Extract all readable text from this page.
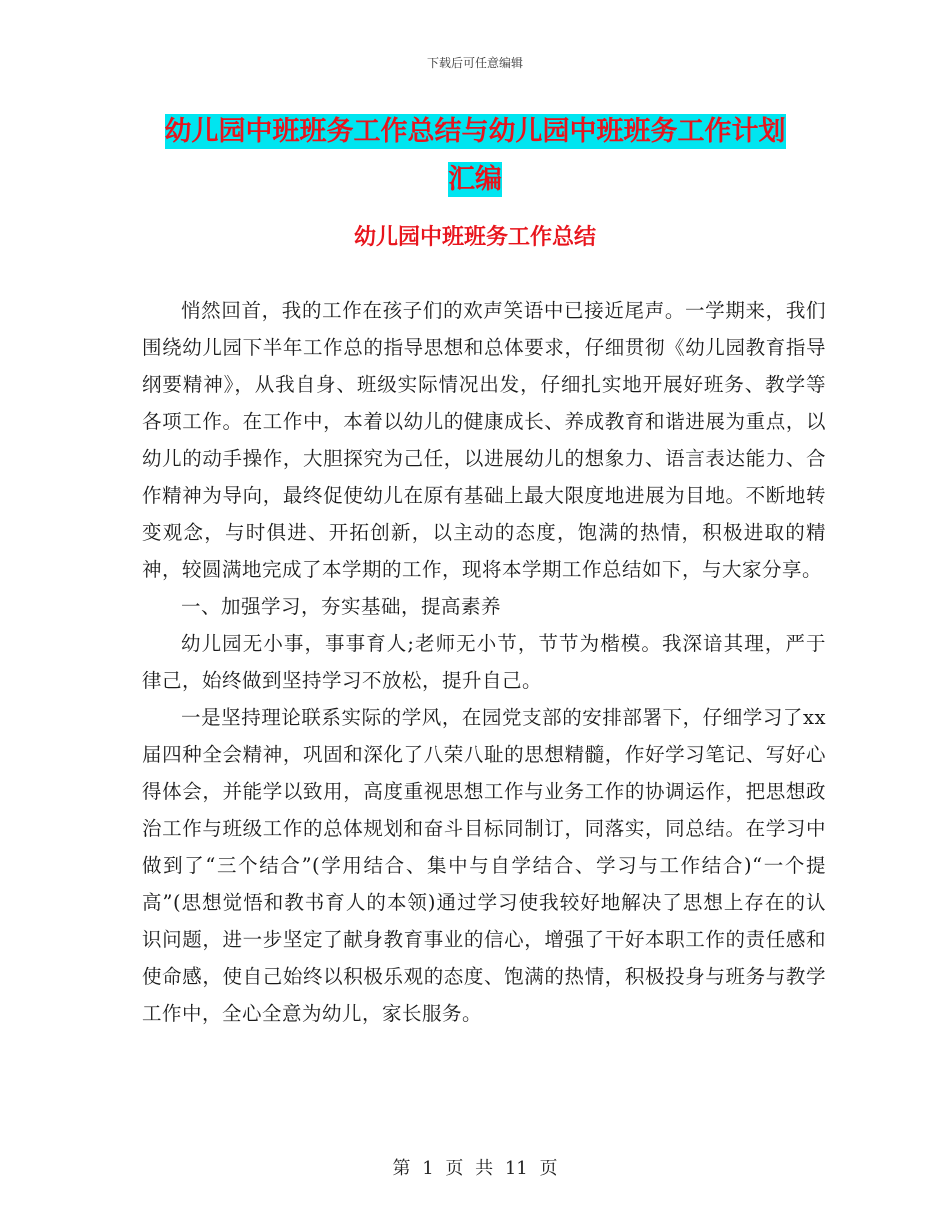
下载后可任意编辑
幼儿园中班班务工作总结与幼儿园中班班务工作计划
汇编
幼儿园中班班务工作总结

悄然回首，我的工作在孩子们的欢声笑语中已接近尾声。一学期来，我们围绕幼儿园下半年工作总的指导思想和总体要求，仔细贯彻《幼儿园教育指导纲要精神》，从我自身、班级实际情况出发，仔细扎实地开展好班务、教学等各项工作。在工作中，本着以幼儿的健康成长、养成教育和谐进展为重点，以幼儿的动手操作，大胆探究为己任，以进展幼儿的想象力、语言表达能力、合作精神为导向，最终促使幼儿在原有基础上最大限度地进展为目地。不断地转变观念，与时俱进、开拓创新，以主动的态度，饱满的热情，积极进取的精神，较圆满地完成了本学期的工作，现将本学期工作总结如下，与大家分享。

一、加强学习，夯实基础，提高素养

幼儿园无小事，事事育人;老师无小节，节节为楷模。我深谙其理，严于律己，始终做到坚持学习不放松，提升自己。

一是坚持理论联系实际的学风，在园党支部的安排部署下，仔细学习了xx届四种全会精神，巩固和深化了八荣八耻的思想精髓，作好学习笔记、写好心得体会，并能学以致用，高度重视思想工作与业务工作的协调运作，把思想政治工作与班级工作的总体规划和奋斗目标同制订，同落实，同总结。在学习中做到了“三个结合”(学用结合、集中与自学结合、学习与工作结合)“一个提高”(思想觉悟和教书育人的本领)通过学习使我较好地解决了思想上存在的认识问题，进一步坚定了献身教育事业的信心，增强了干好本职工作的责任感和使命感，使自己始终以积极乐观的态度、饱满的热情，积极投身与班务与教学工作中，全心全意为幼儿，家长服务。

第 1 页 共 11 页
